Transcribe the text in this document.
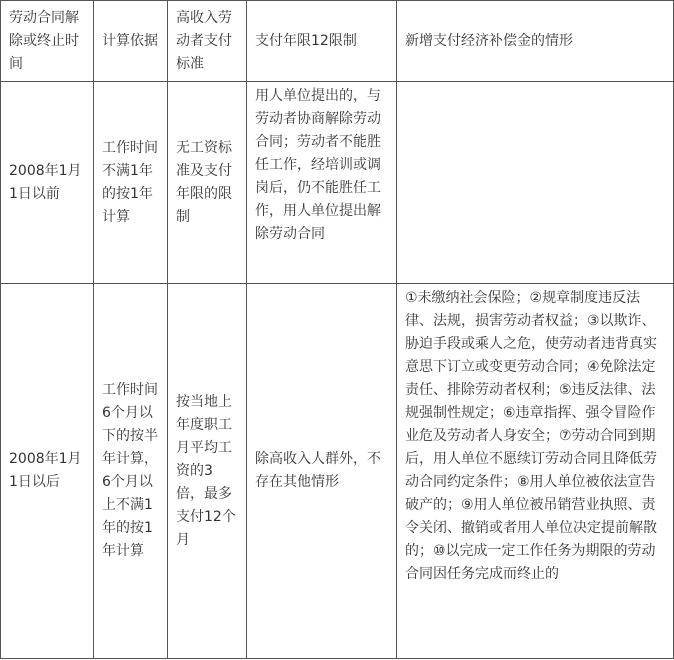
劳动合同解除或终止时间	计算依据	高收入劳动者支付标准	支付年限12限制	新增支付经济补偿金的情形
2008年1月1日以前	工作时间不满1年的按1年计算	无工资标准及支付年限的限制	用人单位提出的，与劳动者协商解除劳动合同；劳动者不能胜任工作，经培训或调岗后，仍不能胜任工作，用人单位提出解除劳动合同	
2008年1月1日以后	工作时间6个月以下的按半年计算，6个月以上不满1年的按1年计算	按当地上年度职工月平均工资的3倍，最多支付12个月	除高收入人群外，不存在其他情形	①未缴纳社会保险；②规章制度违反法律、法规，损害劳动者权益；③以欺诈、胁迫手段或乘人之危，使劳动者违背真实意思下订立或变更劳动合同；④免除法定责任、排除劳动者权利；⑤违反法律、法规强制性规定；⑥违章指挥、强令冒险作业危及劳动者人身安全；⑦劳动合同到期后，用人单位不愿续订劳动合同且降低劳动合同约定条件；⑧用人单位被依法宣告破产的；⑨用人单位被吊销营业执照、责令关闭、撤销或者用人单位决定提前解散的；⑩以完成一定工作任务为期限的劳动合同因任务完成而终止的
